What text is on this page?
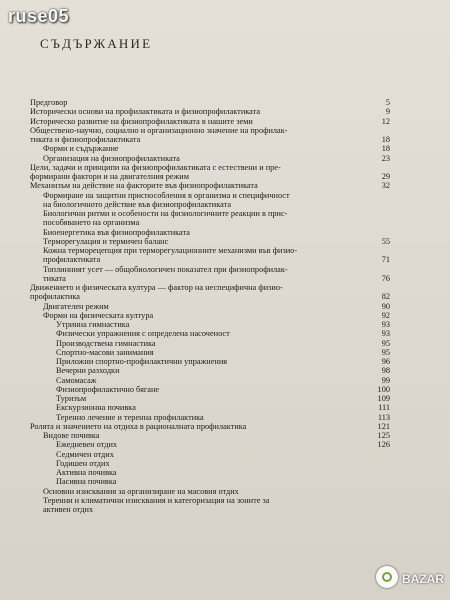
ruse05
СЪДЪРЖАНИЕ
Предговор	5
Исторически основи на профилактиката и физиопрофилактиката	9
Историческо развитие на физиопрофилактиката в нашите земи	12
Обществено-научно, социално и организационно значение на профилак-
тиката и физиопрофилактиката	18
Форми и съдържание	18
Организация на физиопрофилактиката	23
Цели, задачи и принципи на физиопрофилактиката с естествени и пре-
формирани фактори и на двигателния режим	29
Механизъм на действие на факторите във физиопрофилактиката	32
Формиране на защитни приспособления в организма и специфичност
на биологичното действие във физиопрофилактиката
Биологични ритми и особености на физиологичните реакции в прис-
пособяването на организма
Биоенергетика във физиопрофилактиката
Терморегулация и термичен баланс	55
Кожна терморецепция при терморегулационните механизми във физио-
профилактиката	71
Топлинният усет — общобиологичен показател при физиопрофилак-
тиката	76
Движението и физическата култура — фактор на неспецифична физио-
профилактика	82
Двигателен режим	90
Форми на физическата култура	92
Утринна гимнастика	93
Физически упражнения с определена насоченост	93
Производствена гимнастика	95
Спортно-масови занимания	95
Приложни спортно-профилактични упражнения	96
Вечерни разходки	98
Самомасаж	99
Физиопрофилактично бягане	100
Туризъм	109
Екскурзионна почивка	111
Теренно лечение и теренна профилактика	113
Ролята и значението на отдиха в рационалната профилактика	121
Видове почивка	125
Ежедневен отдих	126
Седмичен отдих
Годишен отдих
Активна почивка
Пасивна почивка
Основни изисквания за организиране на масовия отдих
Теренни и климатични изисквания и категоризация на зоните за
активен отдих
BAZAR
